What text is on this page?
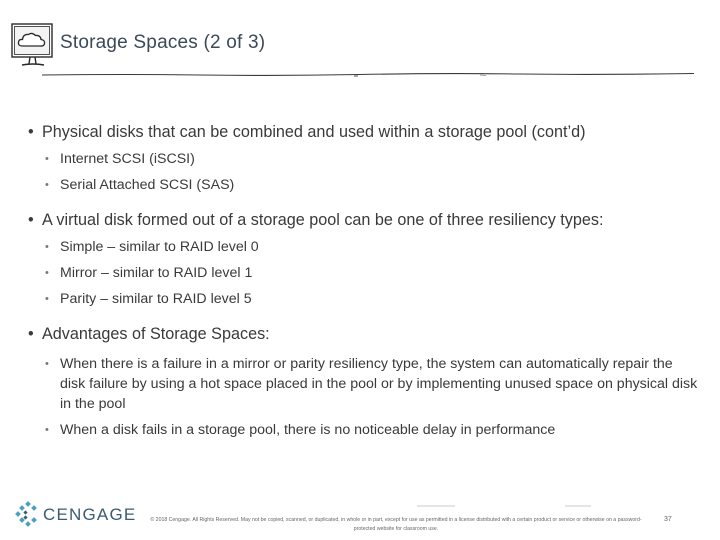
Storage Spaces (2 of 3)
• Physical disks that can be combined and used within a storage pool (cont’d)
• Internet SCSI (iSCSI)
• Serial Attached SCSI (SAS)
• A virtual disk formed out of a storage pool can be one of three resiliency types:
• Simple – similar to RAID level 0
• Mirror – similar to RAID level 1
• Parity – similar to RAID level 5
• Advantages of Storage Spaces:
• When there is a failure in a mirror or parity resiliency type, the system can automatically repair the disk failure by using a hot space placed in the pool or by implementing unused space on physical disk in the pool
• When a disk fails in a storage pool, there is no noticeable delay in performance
CENGAGE	© 2018 Cengage. All Rights Reserved. May not be copied, scanned, or duplicated, in whole or in part, except for use as permitted in a license distributed with a certain product or service or otherwise on a password-protected website for classroom use.
37
